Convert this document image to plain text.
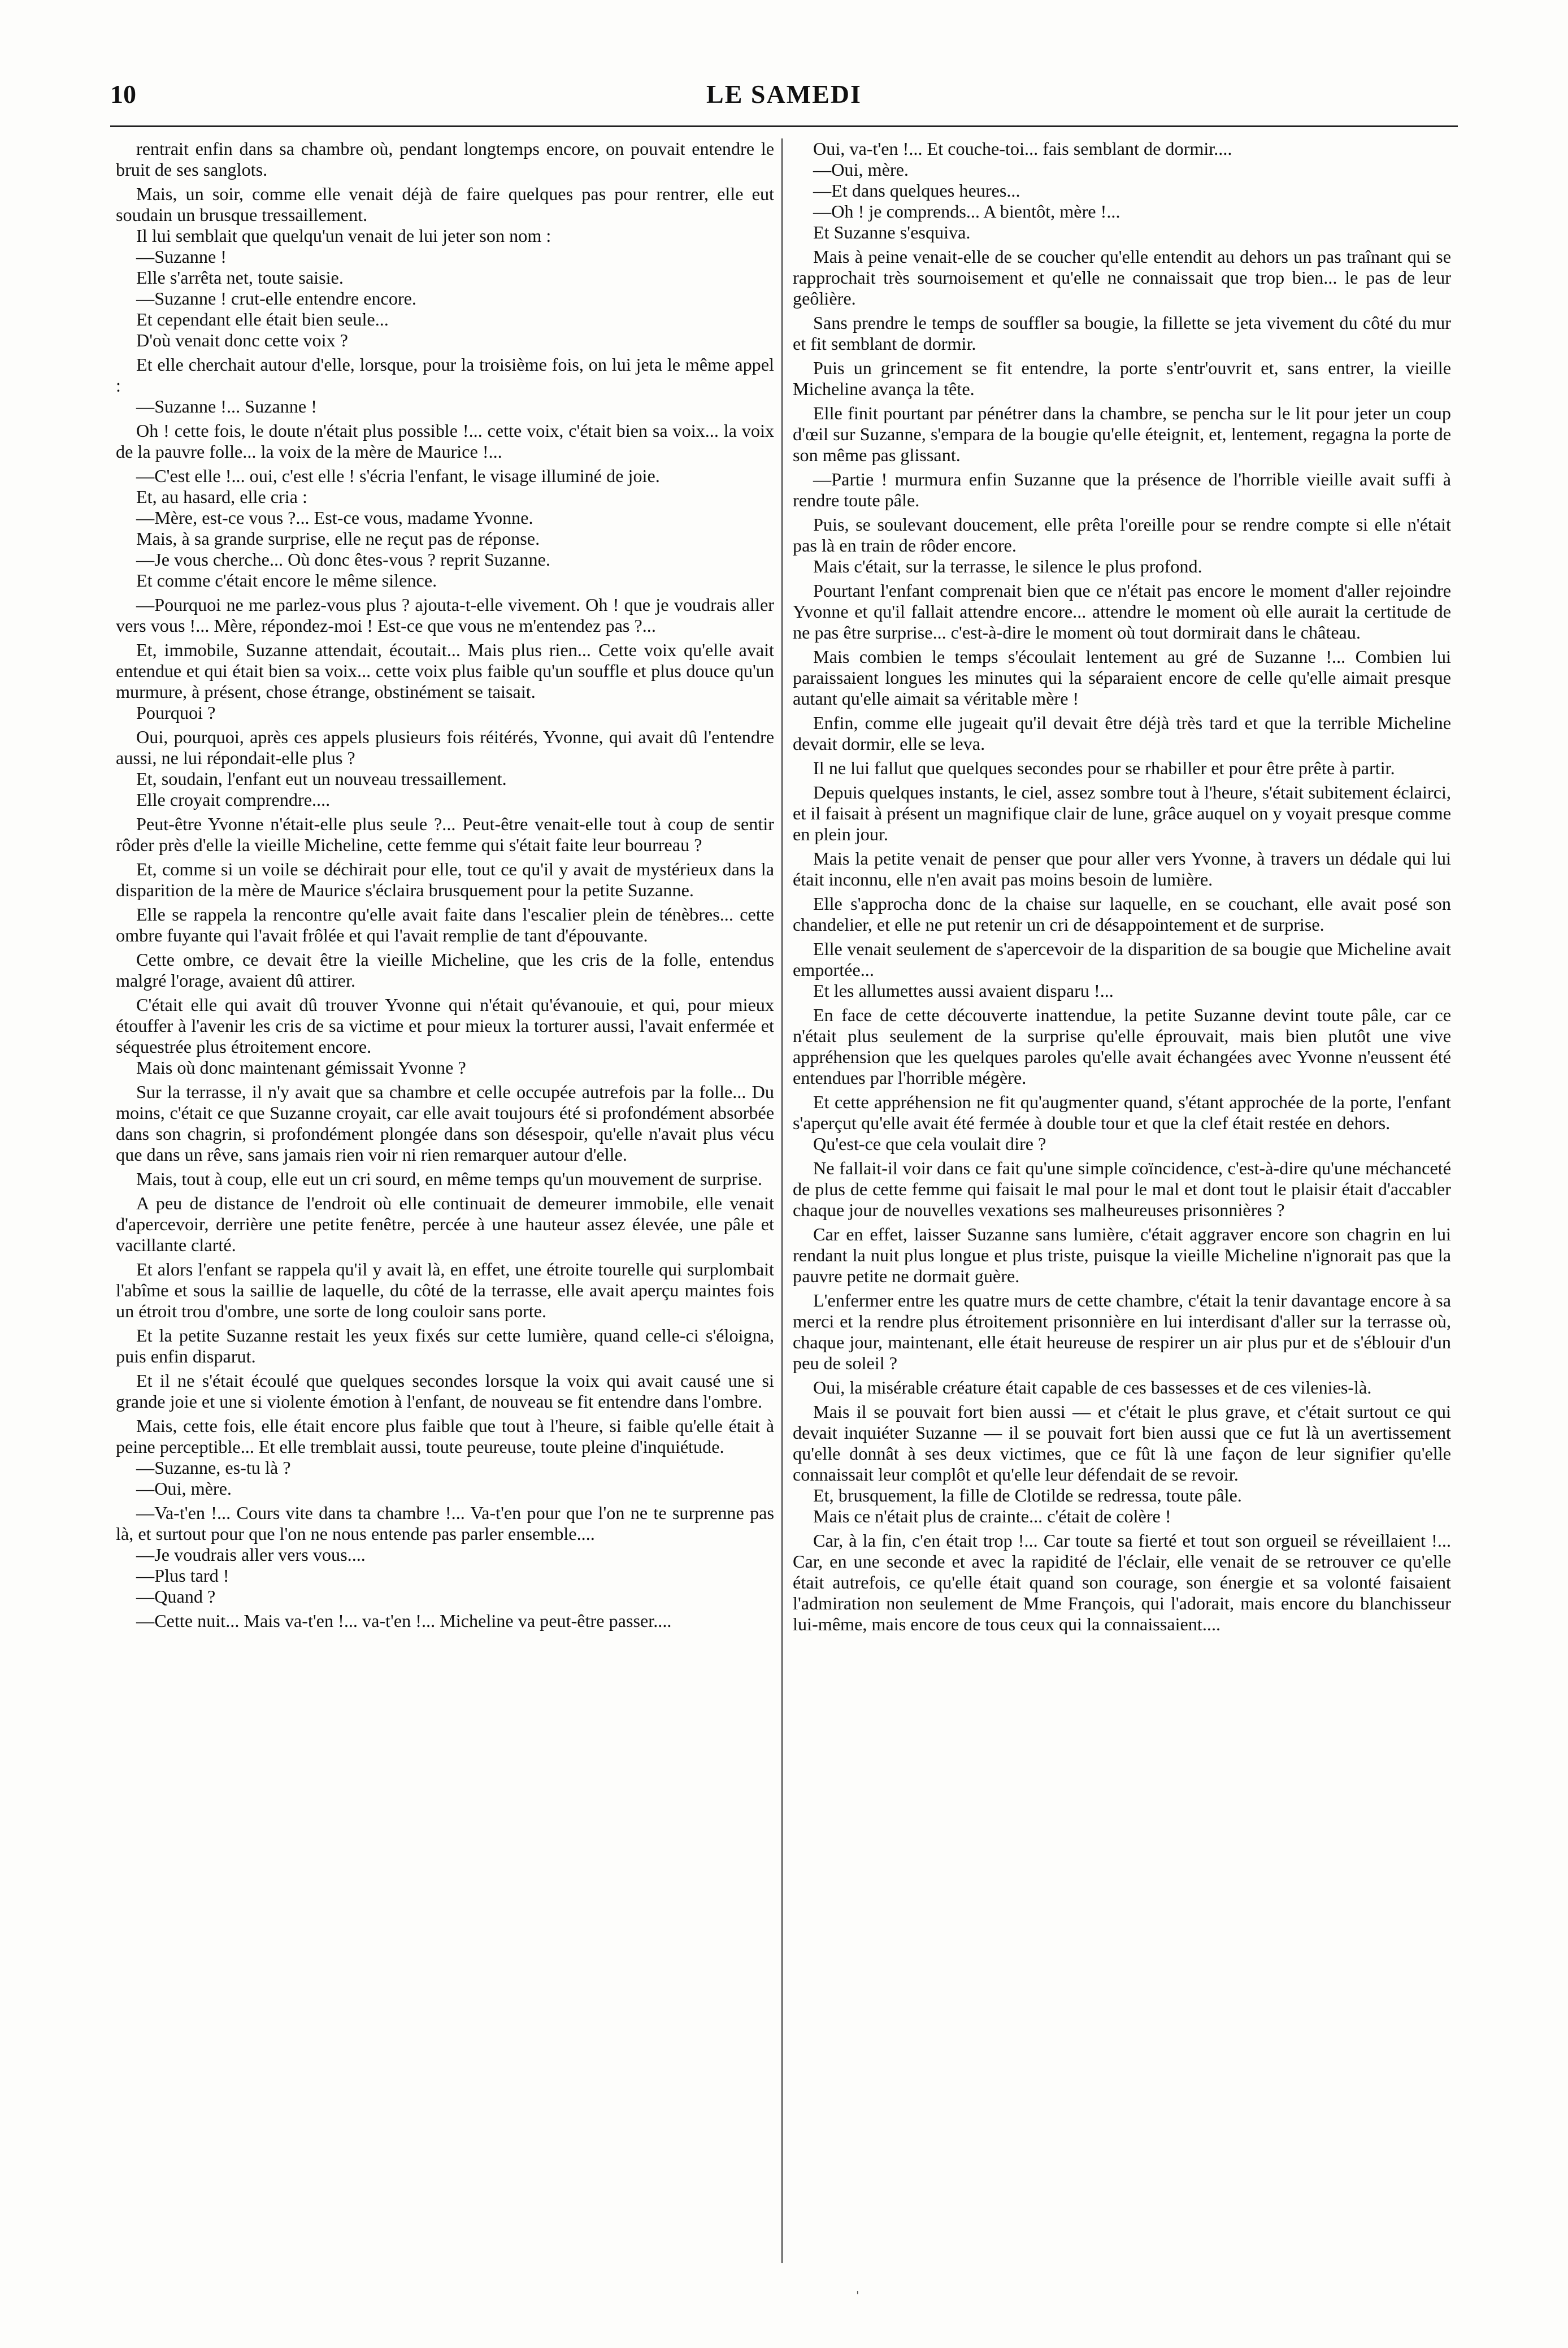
10	LE SAMEDI

rentrait enfin dans sa chambre où, pendant longtemps encore, on pouvait entendre le bruit de ses sanglots.

Mais, un soir, comme elle venait déjà de faire quelques pas pour rentrer, elle eut soudain un brusque tressaillement.

Il lui semblait que quelqu'un venait de lui jeter son nom :

—Suzanne !

Elle s'arrêta net, toute saisie.

—Suzanne ! crut-elle entendre encore.

Et cependant elle était bien seule...

D'où venait donc cette voix ?

Et elle cherchait autour d'elle, lorsque, pour la troisième fois, on lui jeta le même appel :

—Suzanne !... Suzanne !

Oh ! cette fois, le doute n'était plus possible !... cette voix, c'était bien sa voix... la voix de la pauvre folle... la voix de la mère de Maurice !...

—C'est elle !... oui, c'est elle ! s'écria l'enfant, le visage illuminé de joie.

Et, au hasard, elle cria :

—Mère, est-ce vous ?... Est-ce vous, madame Yvonne.

Mais, à sa grande surprise, elle ne reçut pas de réponse.

—Je vous cherche... Où donc êtes-vous ? reprit Suzanne.

Et comme c'était encore le même silence.

—Pourquoi ne me parlez-vous plus ? ajouta-t-elle vivement. Oh ! que je voudrais aller vers vous !... Mère, répondez-moi ! Est-ce que vous ne m'entendez pas ?...

Et, immobile, Suzanne attendait, écoutait... Mais plus rien... Cette voix qu'elle avait entendue et qui était bien sa voix... cette voix plus faible qu'un souffle et plus douce qu'un murmure, à présent, chose étrange, obstinément se taisait.

Pourquoi ?

Oui, pourquoi, après ces appels plusieurs fois réitérés, Yvonne, qui avait dû l'entendre aussi, ne lui répondait-elle plus ?

Et, soudain, l'enfant eut un nouveau tressaillement.

Elle croyait comprendre....

Peut-être Yvonne n'était-elle plus seule ?... Peut-être venait-elle tout à coup de sentir rôder près d'elle la vieille Micheline, cette femme qui s'était faite leur bourreau ?

Et, comme si un voile se déchirait pour elle, tout ce qu'il y avait de mystérieux dans la disparition de la mère de Maurice s'éclaira brusquement pour la petite Suzanne.

Elle se rappela la rencontre qu'elle avait faite dans l'escalier plein de ténèbres... cette ombre fuyante qui l'avait frôlée et qui l'avait remplie de tant d'épouvante.

Cette ombre, ce devait être la vieille Micheline, que les cris de la folle, entendus malgré l'orage, avaient dû attirer.

C'était elle qui avait dû trouver Yvonne qui n'était qu'évanouie, et qui, pour mieux étouffer à l'avenir les cris de sa victime et pour mieux la torturer aussi, l'avait enfermée et séquestrée plus étroitement encore.

Mais où donc maintenant gémissait Yvonne ?

Sur la terrasse, il n'y avait que sa chambre et celle occupée autrefois par la folle... Du moins, c'était ce que Suzanne croyait, car elle avait toujours été si profondément absorbée dans son chagrin, si profondément plongée dans son désespoir, qu'elle n'avait plus vécu que dans un rêve, sans jamais rien voir ni rien remarquer autour d'elle.

Mais, tout à coup, elle eut un cri sourd, en même temps qu'un mouvement de surprise.

A peu de distance de l'endroit où elle continuait de demeurer immobile, elle venait d'apercevoir, derrière une petite fenêtre, percée à une hauteur assez élevée, une pâle et vacillante clarté.

Et alors l'enfant se rappela qu'il y avait là, en effet, une étroite tourelle qui surplombait l'abîme et sous la saillie de laquelle, du côté de la terrasse, elle avait aperçu maintes fois un étroit trou d'ombre, une sorte de long couloir sans porte.

Et la petite Suzanne restait les yeux fixés sur cette lumière, quand celle-ci s'éloigna, puis enfin disparut.

Et il ne s'était écoulé que quelques secondes lorsque la voix qui avait causé une si grande joie et une si violente émotion à l'enfant, de nouveau se fit entendre dans l'ombre.

Mais, cette fois, elle était encore plus faible que tout à l'heure, si faible qu'elle était à peine perceptible... Et elle tremblait aussi, toute peureuse, toute pleine d'inquiétude.

—Suzanne, es-tu là ?

—Oui, mère.

—Va-t'en !... Cours vite dans ta chambre !... Va-t'en pour que l'on ne te surprenne pas là, et surtout pour que l'on ne nous entende pas parler ensemble....

—Je voudrais aller vers vous....

—Plus tard !

—Quand ?

—Cette nuit... Mais va-t'en !... va-t'en !... Micheline va peut-être passer....

Oui, va-t'en !... Et couche-toi... fais semblant de dormir....

—Oui, mère.

—Et dans quelques heures...

—Oh ! je comprends... A bientôt, mère !...

Et Suzanne s'esquiva.

Mais à peine venait-elle de se coucher qu'elle entendit au dehors un pas traînant qui se rapprochait très sournoisement et qu'elle ne connaissait que trop bien... le pas de leur geôlière.

Sans prendre le temps de souffler sa bougie, la fillette se jeta vivement du côté du mur et fit semblant de dormir.

Puis un grincement se fit entendre, la porte s'entr'ouvrit et, sans entrer, la vieille Micheline avança la tête.

Elle finit pourtant par pénétrer dans la chambre, se pencha sur le lit pour jeter un coup d'œil sur Suzanne, s'empara de la bougie qu'elle éteignit, et, lentement, regagna la porte de son même pas glissant.

—Partie ! murmura enfin Suzanne que la présence de l'horrible vieille avait suffi à rendre toute pâle.

Puis, se soulevant doucement, elle prêta l'oreille pour se rendre compte si elle n'était pas là en train de rôder encore.

Mais c'était, sur la terrasse, le silence le plus profond.

Pourtant l'enfant comprenait bien que ce n'était pas encore le moment d'aller rejoindre Yvonne et qu'il fallait attendre encore... attendre le moment où elle aurait la certitude de ne pas être surprise... c'est-à-dire le moment où tout dormirait dans le château.

Mais combien le temps s'écoulait lentement au gré de Suzanne !... Combien lui paraissaient longues les minutes qui la séparaient encore de celle qu'elle aimait presque autant qu'elle aimait sa véritable mère !

Enfin, comme elle jugeait qu'il devait être déjà très tard et que la terrible Micheline devait dormir, elle se leva.

Il ne lui fallut que quelques secondes pour se rhabiller et pour être prête à partir.

Depuis quelques instants, le ciel, assez sombre tout à l'heure, s'était subitement éclairci, et il faisait à présent un magnifique clair de lune, grâce auquel on y voyait presque comme en plein jour.

Mais la petite venait de penser que pour aller vers Yvonne, à travers un dédale qui lui était inconnu, elle n'en avait pas moins besoin de lumière.

Elle s'approcha donc de la chaise sur laquelle, en se couchant, elle avait posé son chandelier, et elle ne put retenir un cri de désappointement et de surprise.

Elle venait seulement de s'apercevoir de la disparition de sa bougie que Micheline avait emportée...

Et les allumettes aussi avaient disparu !...

En face de cette découverte inattendue, la petite Suzanne devint toute pâle, car ce n'était plus seulement de la surprise qu'elle éprouvait, mais bien plutôt une vive appréhension que les quelques paroles qu'elle avait échangées avec Yvonne n'eussent été entendues par l'horrible mégère.

Et cette appréhension ne fit qu'augmenter quand, s'étant approchée de la porte, l'enfant s'aperçut qu'elle avait été fermée à double tour et que la clef était restée en dehors.

Qu'est-ce que cela voulait dire ?

Ne fallait-il voir dans ce fait qu'une simple coïncidence, c'est-à-dire qu'une méchanceté de plus de cette femme qui faisait le mal pour le mal et dont tout le plaisir était d'accabler chaque jour de nouvelles vexations ses malheureuses prisonnières ?

Car en effet, laisser Suzanne sans lumière, c'était aggraver encore son chagrin en lui rendant la nuit plus longue et plus triste, puisque la vieille Micheline n'ignorait pas que la pauvre petite ne dormait guère.

L'enfermer entre les quatre murs de cette chambre, c'était la tenir davantage encore à sa merci et la rendre plus étroitement prisonnière en lui interdisant d'aller sur la terrasse où, chaque jour, maintenant, elle était heureuse de respirer un air plus pur et de s'éblouir d'un peu de soleil ?

Oui, la misérable créature était capable de ces bassesses et de ces vilenies-là.

Mais il se pouvait fort bien aussi — et c'était le plus grave, et c'était surtout ce qui devait inquiéter Suzanne — il se pouvait fort bien aussi que ce fut là un avertissement qu'elle donnât à ses deux victimes, que ce fût là une façon de leur signifier qu'elle connaissait leur complôt et qu'elle leur défendait de se revoir.

Et, brusquement, la fille de Clotilde se redressa, toute pâle.

Mais ce n'était plus de crainte... c'était de colère !

Car, à la fin, c'en était trop !... Car toute sa fierté et tout son orgueil se réveillaient !... Car, en une seconde et avec la rapidité de l'éclair, elle venait de se retrouver ce qu'elle était autrefois, ce qu'elle était quand son courage, son énergie et sa volonté faisaient l'admiration non seulement de Mme François, qui l'adorait, mais encore du blanchisseur lui-même, mais encore de tous ceux qui la connaissaient....

'
